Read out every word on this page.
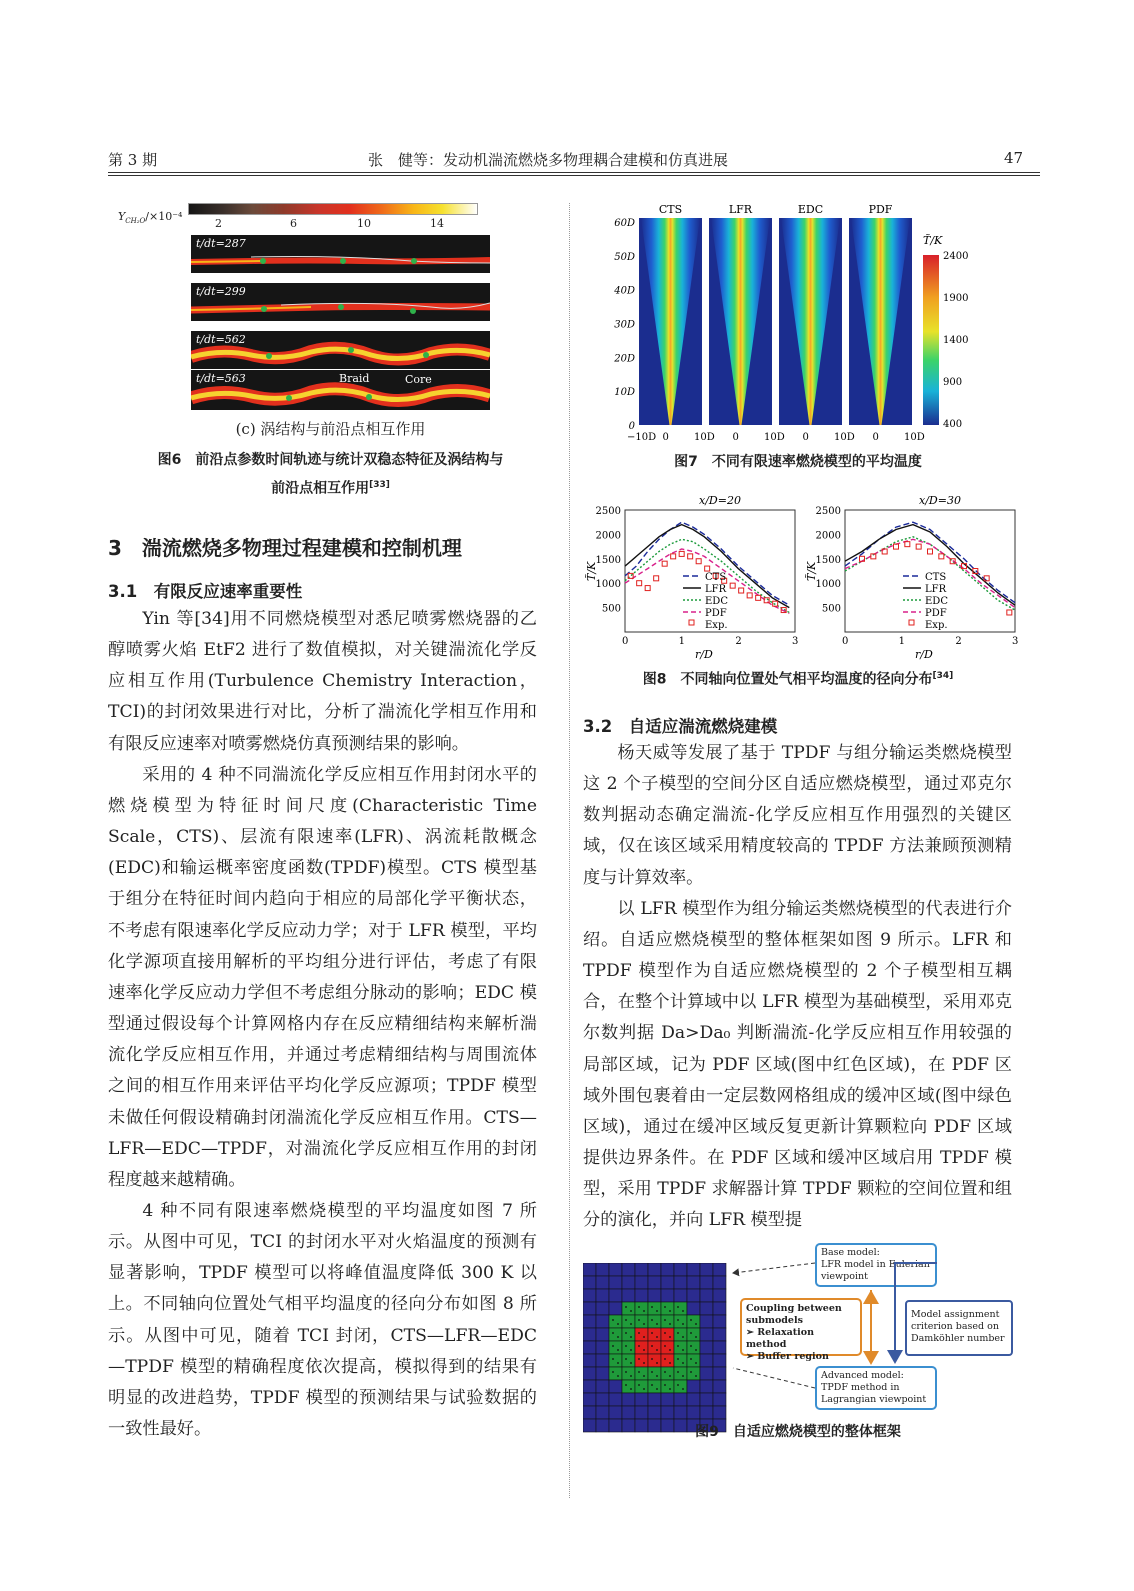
第 3 期	张　健等：发动机湍流燃烧多物理耦合建模和仿真进展	47
$Y_{CH_2O}/\times 10^{-4}$
2	6	10	14
t/dt=287
t/dt=299
t/dt=562
t/dt=563	Braid	Core
(c) 涡结构与前沿点相互作用
图6　前沿点参数时间轨迹与统计双稳态特征及涡结构与
前沿点相互作用[33]
3　湍流燃烧多物理过程建模和控制机理
3.1　有限反应速率重要性

Yin 等[34]用不同燃烧模型对悉尼喷雾燃烧器的乙醇喷雾火焰 EtF2 进行了数值模拟，对关键湍流化学反应相互作用(Turbulence Chemistry Interaction，TCI)的封闭效果进行对比，分析了湍流化学相互作用和有限反应速率对喷雾燃烧仿真预测结果的影响。

采用的 4 种不同湍流化学反应相互作用封闭水平的燃烧模型为特征时间尺度(Characteristic Time Scale，CTS)、层流有限速率(LFR)、涡流耗散概念(EDC)和输运概率密度函数(TPDF)模型。CTS 模型基于组分在特征时间内趋向于相应的局部化学平衡状态，不考虑有限速率化学反应动力学；对于 LFR 模型，平均化学源项直接用解析的平均组分进行评估，考虑了有限速率化学反应动力学但不考虑组分脉动的影响；EDC 模型通过假设每个计算网格内存在反应精细结构来解析湍流化学反应相互作用，并通过考虑精细结构与周围流体之间的相互作用来评估平均化学反应源项；TPDF 模型未做任何假设精确封闭湍流化学反应相互作用。CTS—LFR—EDC—TPDF，对湍流化学反应相互作用的封闭程度越来越精确。

4 种不同有限速率燃烧模型的平均温度如图 7 所示。从图中可见，TCI 的封闭水平对火焰温度的预测有显著影响，TPDF 模型可以将峰值温度降低 300 K 以上。不同轴向位置处气相平均温度的径向分布如图 8 所示。从图中可见，随着 TCI 封闭，CTS—LFR—EDC—TPDF 模型的精确程度依次提高，模拟得到的结果有明显的改进趋势，TPDF 模型的预测结果与试验数据的一致性最好。

CTS
−10D 0	10D
LFR
0	10D
EDC
0	10D
PDF
0	10D
60D
50D
40D
30D
20D
10D
0
T̃/K
2400
1900
1400
900
400
图7　不同有限速率燃烧模型的平均温度
x/D=20
500
1000
1500
2000
2500
0	1	2	3
r/D
T̃/K	CTS
LFR
EDC
PDF
Exp.
x/D=30
500
1000
1500
2000
2500
0	1	2	3
r/D
T̃/K	CTS
LFR
EDC
PDF
Exp.
图8　不同轴向位置处气相平均温度的径向分布[34]
3.2　自适应湍流燃烧建模

杨天威等发展了基于 TPDF 与组分输运类燃烧模型这 2 个子模型的空间分区自适应燃烧模型，通过邓克尔数判据动态确定湍流-化学反应相互作用强烈的关键区域，仅在该区域采用精度较高的 TPDF 方法兼顾预测精度与计算效率。

以 LFR 模型作为组分输运类燃烧模型的代表进行介绍。自适应燃烧模型的整体框架如图 9 所示。LFR 和 TPDF 模型作为自适应燃烧模型的 2 个子模型相互耦合，在整个计算域中以 LFR 模型为基础模型，采用邓克尔数判据 Da>Da₀ 判断湍流-化学反应相互作用较强的局部区域，记为 PDF 区域(图中红色区域)，在 PDF 区域外围包裹着由一定层数网格组成的缓冲区域(图中绿色区域)，通过在缓冲区域反复更新计算颗粒向 PDF 区域提供边界条件。在 PDF 区域和缓冲区域启用 TPDF 模型，采用 TPDF 求解器计算 TPDF 颗粒的空间位置和组分的演化，并向 LFR 模型提

Base model:
LFR model in Eulerian
viewpoint
Coupling between
submodels
➢ Relaxation method
➢ Buffer region
Model assignment
criterion based on
Damköhler number
Advanced model:
TPDF method in
Lagrangian viewpoint
图9　自适应燃烧模型的整体框架
